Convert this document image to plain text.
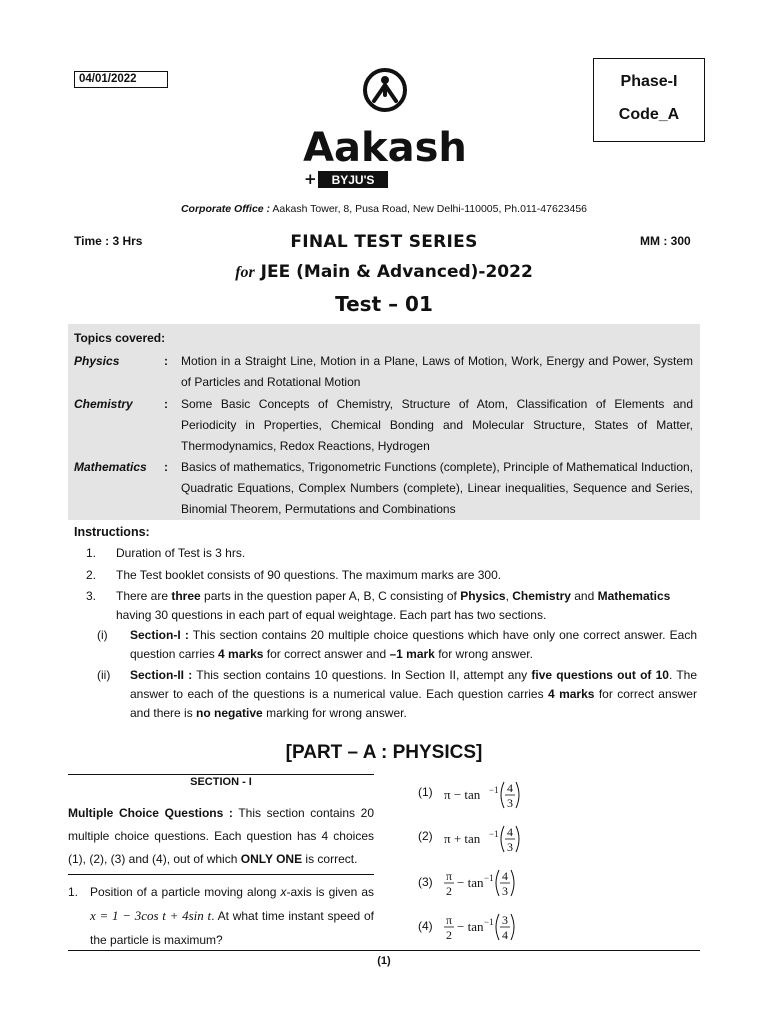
04/01/2022	Phase-I
Code_A
Aakash
+ BYJU'S
Corporate Office : Aakash Tower, 8, Pusa Road, New Delhi-110005, Ph.011-47623456
Time : 3 Hrs	MM : 300
FINAL TEST SERIES
for JEE (Main & Advanced)-2022
Test – 01
Topics covered:
Physics	: Motion in a Straight Line, Motion in a Plane, Laws of Motion, Work, Energy and Power, System of Particles and Rotational Motion
Chemistry	: Some Basic Concepts of Chemistry, Structure of Atom, Classification of Elements and Periodicity in Properties, Chemical Bonding and Molecular Structure, States of Matter, Thermodynamics, Redox Reactions, Hydrogen
Mathematics : Basics of mathematics, Trigonometric Functions (complete), Principle of Mathematical Induction, Quadratic Equations, Complex Numbers (complete), Linear inequalities, Sequence and Series, Binomial Theorem, Permutations and Combinations
Instructions:
1. Duration of Test is 3 hrs.
2. The Test booklet consists of 90 questions. The maximum marks are 300.
3. There are three parts in the question paper A, B, C consisting of Physics, Chemistry and Mathematics
having 30 questions in each part of equal weightage. Each part has two sections.
(i) Section-I : This section contains 20 multiple choice questions which have only one correct answer. Each question carries 4 marks for correct answer and –1 mark for wrong answer.
(ii) Section-II : This section contains 10 questions. In Section II, attempt any five questions out of 10. The answer to each of the questions is a numerical value. Each question carries 4 marks for correct answer and there is no negative marking for wrong answer.
[PART – A : PHYSICS]
SECTION - I
Multiple Choice Questions : This section contains 20 multiple choice questions. Each question has 4 choices (1), (2), (3) and (4), out of which ONLY ONE is correct.
1. Position of a particle moving along x-axis is given as x = 1 − 3cos t + 4sin t. At what time instant speed of the particle is maximum?
(1) π − tan −1 4
3
(2) π + tan −1 4
3
(3) π
2
− tan −1 4
3
(4) π
2
− tan −1 3
4
(1)
